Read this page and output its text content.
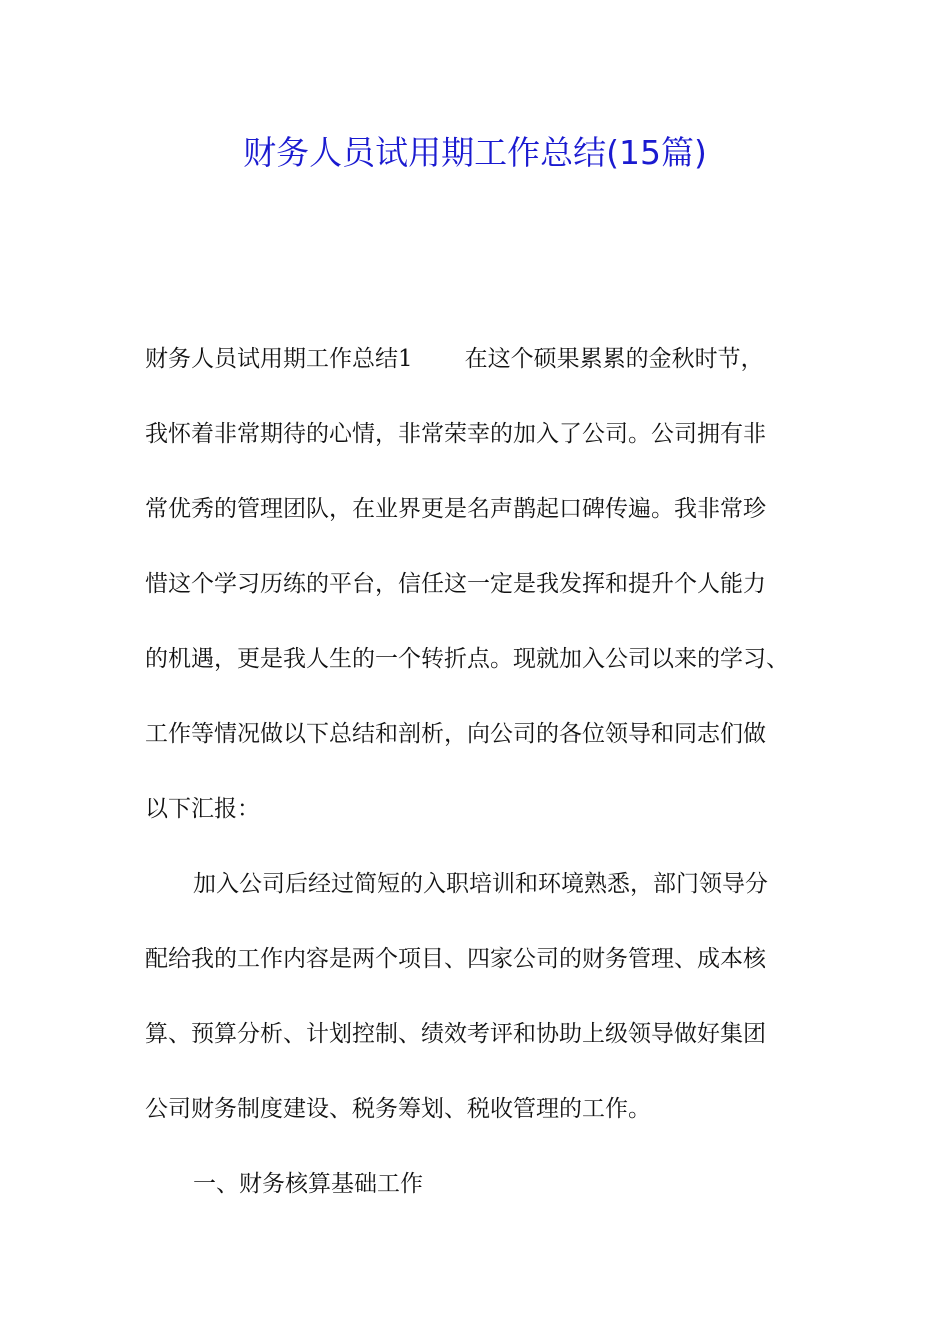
财务人员试用期工作总结(15篇)

财务人员试用期工作总结1 在这个硕果累累的金秋时节，

我怀着非常期待的心情，非常荣幸的加入了公司。公司拥有非

常优秀的管理团队，在业界更是名声鹊起口碑传遍。我非常珍

惜这个学习历练的平台，信任这一定是我发挥和提升个人能力

的机遇，更是我人生的一个转折点。现就加入公司以来的学习、

工作等情况做以下总结和剖析，向公司的各位领导和同志们做

以下汇报：

加入公司后经过简短的入职培训和环境熟悉，部门领导分

配给我的工作内容是两个项目、四家公司的财务管理、成本核

算、预算分析、计划控制、绩效考评和协助上级领导做好集团

公司财务制度建设、税务筹划、税收管理的工作。

一、财务核算基础工作
